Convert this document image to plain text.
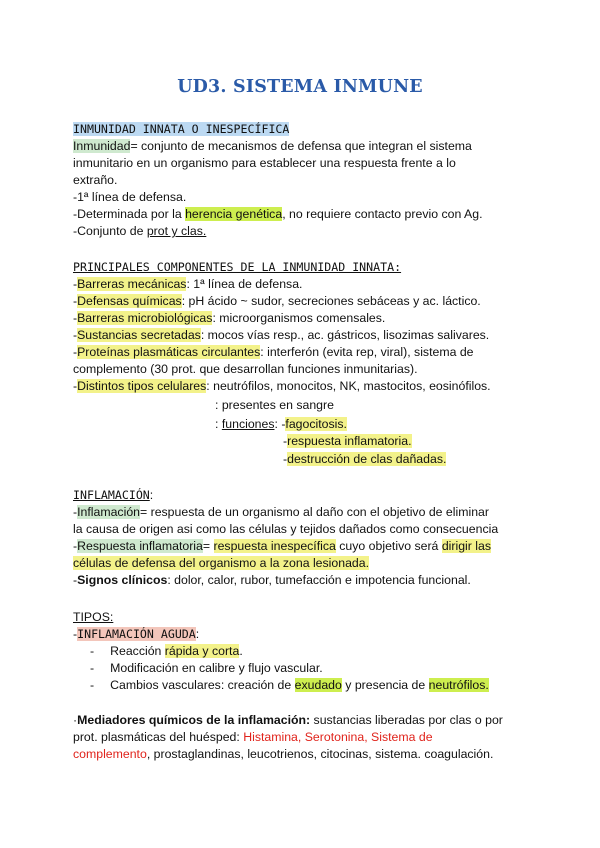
UD3. SISTEMA INMUNE
INMUNIDAD INNATA O INESPECÍFICA
Inmunidad= conjunto de mecanismos de defensa que integran el sistema
inmunitario en un organismo para establecer una respuesta frente a lo
extraño.
-1ª línea de defensa.
-Determinada por la herencia genética, no requiere contacto previo con Ag.
-Conjunto de prot y clas.
PRINCIPALES COMPONENTES DE LA INMUNIDAD INNATA:
-Barreras mecánicas: 1ª línea de defensa.
-Defensas químicas: pH ácido ~ sudor, secreciones sebáceas y ac. láctico.
-Barreras microbiológicas: microorganismos comensales.
-Sustancias secretadas: mocos vías resp., ac. gástricos, lisozimas salivares.
-Proteínas plasmáticas circulantes: interferón (evita rep, viral), sistema de
complemento (30 prot. que desarrollan funciones inmunitarias).
-Distintos tipos celulares: neutrófilos, monocitos, NK, mastocitos, eosinófilos.
: presentes en sangre
: funciones: -fagocitosis.
-respuesta inflamatoria.
-destrucción de clas dañadas.
INFLAMACIÓN:
-Inflamación= respuesta de un organismo al daño con el objetivo de eliminar
la causa de origen asi como las células y tejidos dañados como consecuencia
-Respuesta inflamatoria= respuesta inespecífica cuyo objetivo será dirigir las
células de defensa del organismo a la zona lesionada.
-Signos clínicos: dolor, calor, rubor, tumefacción e impotencia funcional.
TIPOS:
-INFLAMACIÓN AGUDA:
- Reacción rápida y corta.
- Modificación en calibre y flujo vascular.
- Cambios vasculares: creación de exudado y presencia de neutrófilos.
·Mediadores químicos de la inflamación: sustancias liberadas por clas o por
prot. plasmáticas del huésped: Histamina, Serotonina, Sistema de
complemento, prostaglandinas, leucotrienos, citocinas, sistema. coagulación.
